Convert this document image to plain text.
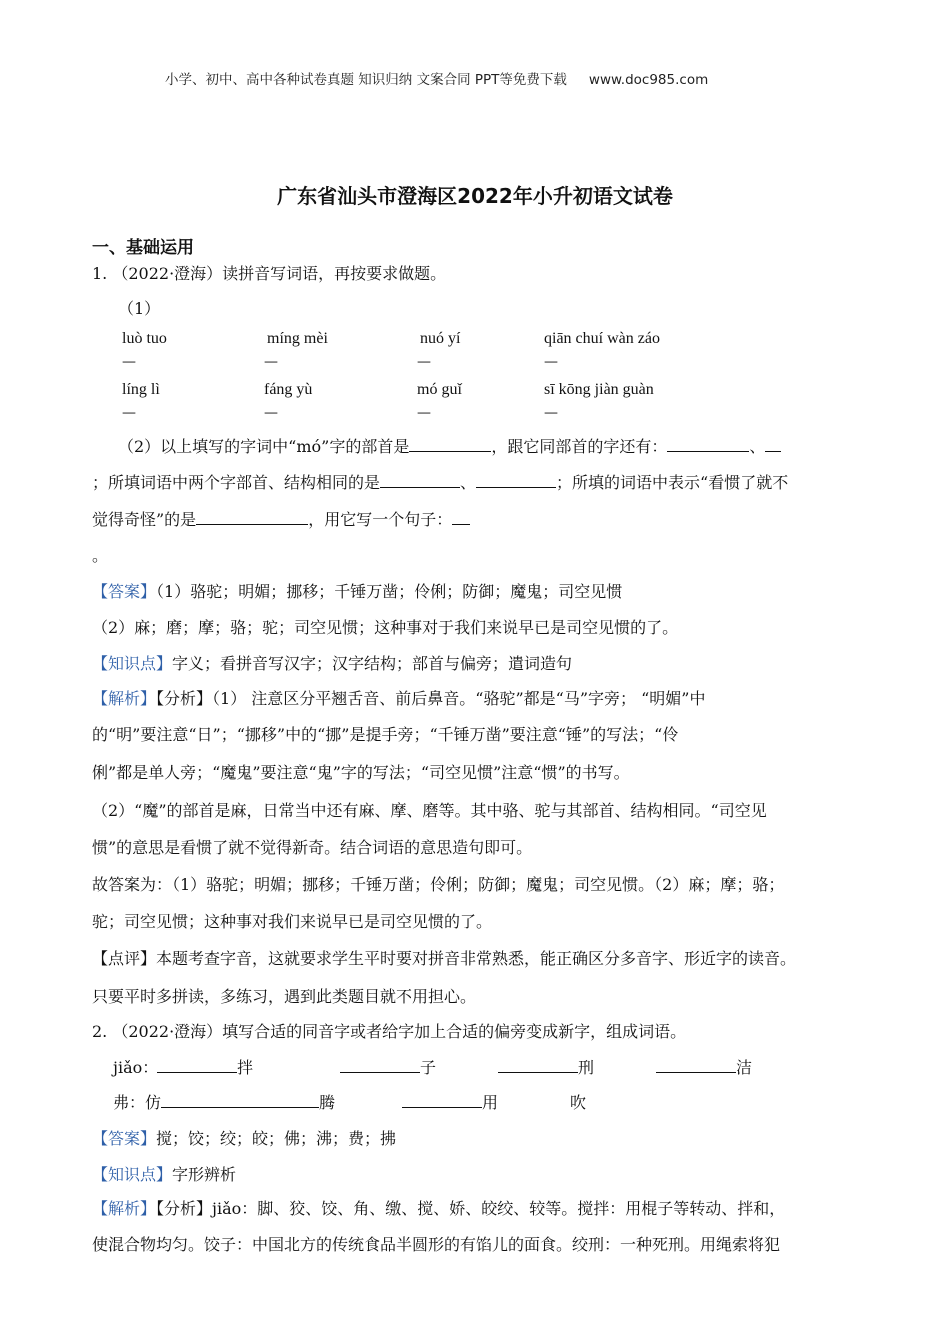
小学、初中、高中各种试卷真题 知识归纳 文案合同 PPT等免费下载 www.doc985.com
广东省汕头市澄海区2022年小升初语文试卷
一、基础运用
1. （2022·澄海）读拼音写词语，再按要求做题。
（1）
luò tuo	míng mèi	nuó yí	qiān chuí wàn záo
—	—	—	—
líng lì	fáng yù	mó guǐ	sī kōng jiàn guàn
—	—	—	—
（2）以上填写的字词中“mó”字的部首是	，跟它同部首的字还有：	、
；所填词语中两个字部首、结构相同的是	、	；所填的词语中表示“看惯了就不
觉得奇怪”的是	，用它写一个句子：
。
【答案】（1）骆驼；明媚；挪移；千锤万凿；伶俐；防御；魔鬼；司空见惯
（2）麻；磨；摩；骆；驼；司空见惯；这种事对于我们来说早已是司空见惯的了。
【知识点】字义；看拼音写汉字；汉字结构；部首与偏旁；遣词造句
【解析】【分析】（1） 注意区分平翘舌音、前后鼻音。“骆驼”都是“马”字旁； “明媚”中
的“明”要注意“日”；“挪移”中的“挪”是提手旁；“千锤万凿”要注意“锤”的写法；“伶
俐”都是单人旁；“魔鬼”要注意“鬼”字的写法；“司空见惯”注意“惯”的书写。
（2）“魔”的部首是麻，日常当中还有麻、摩、磨等。其中骆、驼与其部首、结构相同。“司空见
惯”的意思是看惯了就不觉得新奇。结合词语的意思造句即可。
故答案为：（1）骆驼；明媚；挪移；千锤万凿；伶俐；防御；魔鬼；司空见惯。（2）麻；摩；骆；
驼；司空见惯；这种事对我们来说早已是司空见惯的了。
【点评】本题考查字音，这就要求学生平时要对拼音非常熟悉，能正确区分多音字、形近字的读音。
只要平时多拼读，多练习，遇到此类题目就不用担心。
2. （2022·澄海）填写合适的同音字或者给字加上合适的偏旁变成新字，组成词语。
jiǎo：	拌	子	刑	洁
弗：仿	腾	用	吹
【答案】搅；饺；绞；皎；佛；沸；费；拂
【知识点】字形辨析
【解析】【分析】jiǎo：脚、狡、饺、角、缴、搅、娇、皎绞、较等。搅拌：用棍子等转动、拌和，
使混合物均匀。饺子：中国北方的传统食品半圆形的有馅儿的面食。绞刑：一种死刑。用绳索将犯
